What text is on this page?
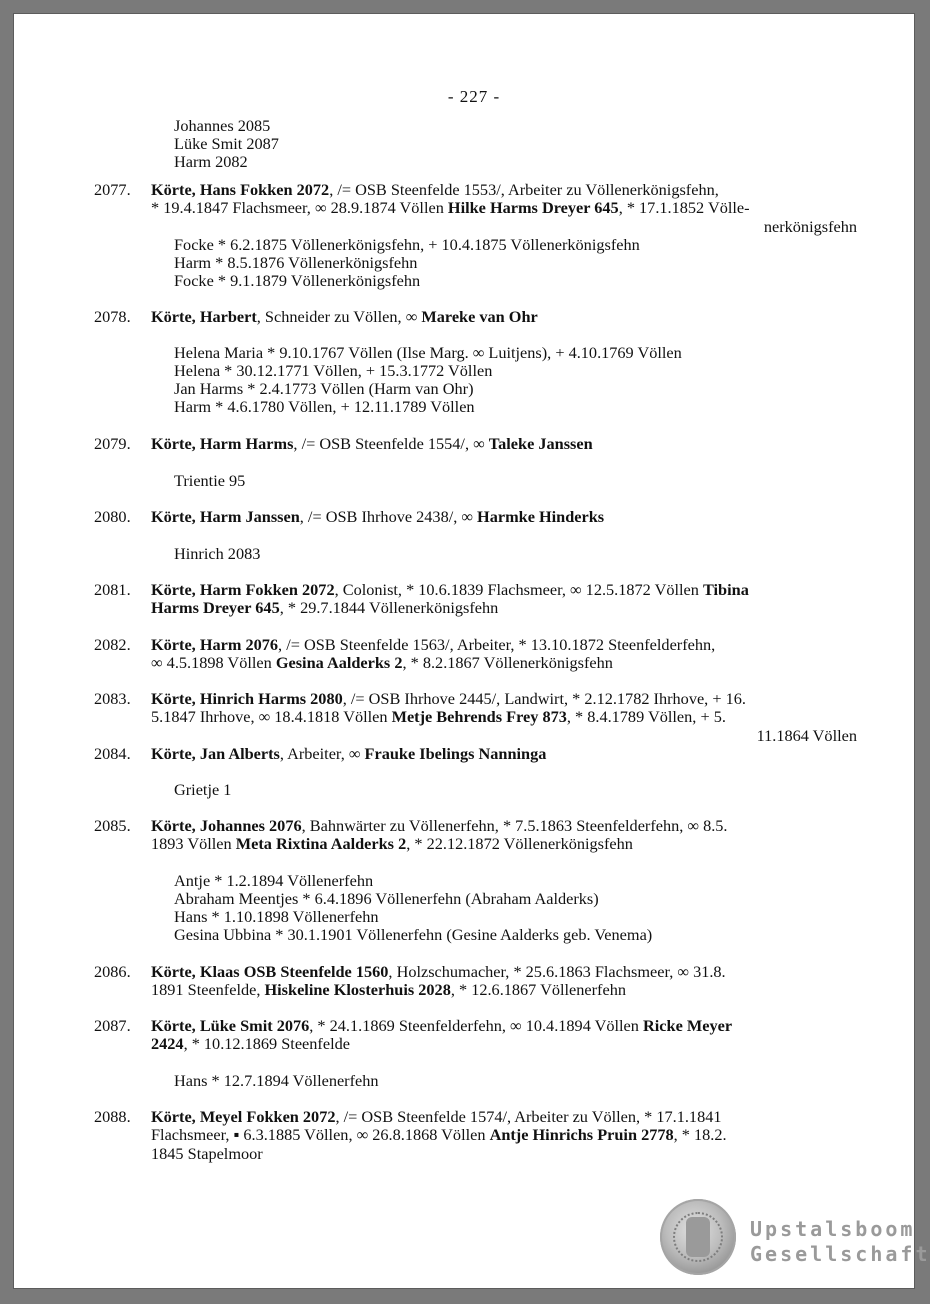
- 227 -
Johannes 2085
Lüke Smit 2087
Harm 2082
2077. Körte, Hans Fokken 2072, /= OSB Steenfelde 1553/, Arbeiter zu Völlenerkönigsfehn,
* 19.4.1847 Flachsmeer, ∞ 28.9.1874 Völlen Hilke Harms Dreyer 645, * 17.1.1852 Völle-
nerkönigsfehn
Focke * 6.2.1875 Völlenerkönigsfehn, + 10.4.1875 Völlenerkönigsfehn
Harm * 8.5.1876 Völlenerkönigsfehn
Focke * 9.1.1879 Völlenerkönigsfehn
2078. Körte, Harbert, Schneider zu Völlen, ∞ Mareke van Ohr
Helena Maria * 9.10.1767 Völlen (Ilse Marg. ∞ Luitjens), + 4.10.1769 Völlen
Helena * 30.12.1771 Völlen, + 15.3.1772 Völlen
Jan Harms * 2.4.1773 Völlen (Harm van Ohr)
Harm * 4.6.1780 Völlen, + 12.11.1789 Völlen
2079. Körte, Harm Harms, /= OSB Steenfelde 1554/, ∞ Taleke Janssen
Trientie 95
2080. Körte, Harm Janssen, /= OSB Ihrhove 2438/, ∞ Harmke Hinderks
Hinrich 2083
2081. Körte, Harm Fokken 2072, Colonist, * 10.6.1839 Flachsmeer, ∞ 12.5.1872 Völlen Tibina
Harms Dreyer 645, * 29.7.1844 Völlenerkönigsfehn
2082. Körte, Harm 2076, /= OSB Steenfelde 1563/, Arbeiter, * 13.10.1872 Steenfelderfehn,
∞ 4.5.1898 Völlen Gesina Aalderks 2, * 8.2.1867 Völlenerkönigsfehn
2083. Körte, Hinrich Harms 2080, /= OSB Ihrhove 2445/, Landwirt, * 2.12.1782 Ihrhove, + 16.
5.1847 Ihrhove, ∞ 18.4.1818 Völlen Metje Behrends Frey 873, * 8.4.1789 Völlen, + 5.
11.1864 Völlen
2084. Körte, Jan Alberts, Arbeiter, ∞ Frauke Ibelings Nanninga
Grietje 1
2085. Körte, Johannes 2076, Bahnwärter zu Völlenerfehn, * 7.5.1863 Steenfelderfehn, ∞ 8.5.
1893 Völlen Meta Rixtina Aalderks 2, * 22.12.1872 Völlenerkönigsfehn
Antje * 1.2.1894 Völlenerfehn
Abraham Meentjes * 6.4.1896 Völlenerfehn (Abraham Aalderks)
Hans * 1.10.1898 Völlenerfehn
Gesina Ubbina * 30.1.1901 Völlenerfehn (Gesine Aalderks geb. Venema)
2086. Körte, Klaas OSB Steenfelde 1560, Holzschumacher, * 25.6.1863 Flachsmeer, ∞ 31.8.
1891 Steenfelde, Hiskeline Klosterhuis 2028, * 12.6.1867 Völlenerfehn
2087. Körte, Lüke Smit 2076, * 24.1.1869 Steenfelderfehn, ∞ 10.4.1894 Völlen Ricke Meyer
2424, * 10.12.1869 Steenfelde
Hans * 12.7.1894 Völlenerfehn
2088. Körte, Meyel Fokken 2072, /= OSB Steenfelde 1574/, Arbeiter zu Völlen, * 17.1.1841
Flachsmeer, ▪ 6.3.1885 Völlen, ∞ 26.8.1868 Völlen Antje Hinrichs Pruin 2778, * 18.2.
1845 Stapelmoor
Upstalsboom
Gesellschaft
